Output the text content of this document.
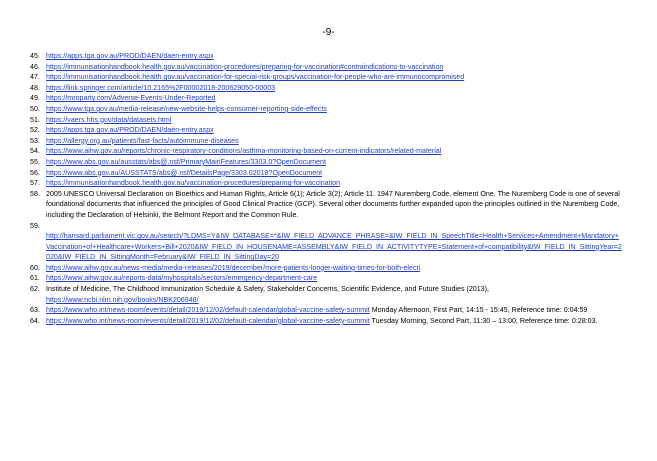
-9-
45. https://apps.tga.gov.au/PROD/DAEN/daen-entry.aspx
46. https://immunisationhandbook.health.gov.au/vaccination-procedures/preparing-for-vaccination#contraindications-to-vaccination
47. https://immunisationhandbook.health.gov.au/vaccination-for-special-risk-groups/vaccination-for-people-who-are-immunocompromised
48. https://link.springer.com/article/10.2165%2F00002018-200629050-00003
49. https://mroparty.com/Adverse-Events-Under-Reported
50. https://www.tga.gov.au/media-release/new-website-helps-consumer-reporting-side-effects
51. https://vaers.hhs.gov/data/datasets.html
52. https://apps.tga.gov.au/PROD/DAEN/daen-entry.aspx
53. https://allergy.org.au/patients/fast-facts/autoimmune-diseases
54. https://www.aihw.gov.au/reports/chronic-respiratory-conditions/asthma-monitoring-based-on-current-indicators/related-material
55. https://www.abs.gov.au/ausstats/abs@.nsf/PrimaryMainFeatures/3303.0?OpenDocument
56. https://www.abs.gov.au/AUSSTATS/abs@.nsf/DetailsPage/3303.02018?OpenDocument
57. https://immunisationhandbook.health.gov.au/vaccination-procedures/preparing-for-vaccination
58. 2005 UNESCO Universal Declaration on Bioethics and Human Rights, Article 6(1); Article 3(2); Article 11. 1947 Nuremberg Code, element One. The Nuremberg Code is one of several foundational documents that influenced the principles of Good Clinical Practice (GCP). Several other documents further expanded upon the principles outlined in the Nuremberg Code, including the Declaration of Helsinki, the Belmont Report and the Common Rule.
59.
http://hansard.parliament.vic.gov.au/search/?LDMS=Y&IW_DATABASE=*&IW_FIELD_ADVANCE_PHRASE=&IW_FIELD_IN_SpeechTitle=Health+Services+Amendment+Mandatory+Vaccination+of+Healthcare+Workers+Bill+2020&IW_FIELD_IN_HOUSENAME=ASSEMBLY&IW_FIELD_IN_ACTIVITYTYPE=Statement+of+compatibility&IW_FIELD_IN_SittingYear=2020&IW_FIELD_IN_SittingMonth=February&IW_FIELD_IN_SittingDay=20
60. https://www.aihw.gov.au/news-media/media-releases/2019/december/more-patients-longer-waiting-times-for-both-electi
61. https://www.aihw.gov.au/reports-data/myhospitals/sectors/emergency-department-care
62. Institute of Medicine, The Childhood Immunization Schedule & Safety, Stakeholder Concerns, Scientific Evidence, and Future Studies (2013),
https://www.ncbi.nlm.nih.gov/books/NBK206948/
63. https://www.who.int/news-room/events/detail/2019/12/02/default-calendar/global-vaccine-safety-summit Monday Afternoon, First Part, 14:15 - 15:45, Reference time: 0:04:59
64. https://www.who.int/news-room/events/detail/2019/12/02/default-calendar/global-vaccine-safety-summit Tuesday Morning, Second Part, 11:30 – 13:00, Reference time: 0:28:03.
